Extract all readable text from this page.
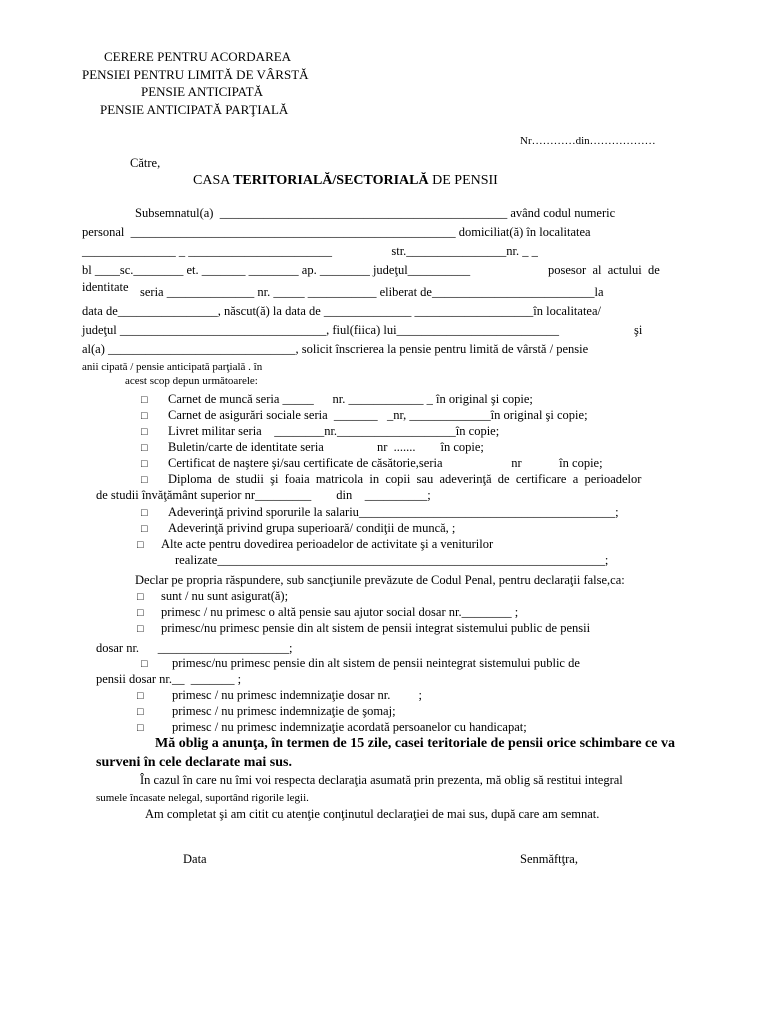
CERERE PENTRU ACORDAREA
PENSIEI PENTRU LIMITĂ DE VÂRSTĂ
PENSIE ANTICIPATĂ
PENSIE ANTICIPATĂ PARŢIALĂ
Nr…………din………………
Către,
CASA TERITORIALĂ/SECTORIALĂ DE PENSII
Subsemnatul(a)  ______________________________________________ având codul numeric
personal  ____________________________________________________ domiciliat(ă) în localitatea
_______________ _ _______________________                   str.________________nr. _ _
bl ____sc.________ et. _______ ________ ap. ________ judeţul__________	posesor  al  actului  de
identitate seria ______________ nr. _____ ___________ eliberat de__________________________la
data de________________, născut(ă) la data de ______________ ___________________în localitatea/
judeţul _________________________________, fiul(fiica) lui__________________________	şi
al(a) ______________________________, solicit înscrierea la pensie pentru limită de vârstă / pensie
anii cipată / pensie anticipată parţială . în
acest scop depun următoarele:
□ Carnet de muncă seria _____      nr. ____________ _ în original şi copie;
□ Carnet de asigurări sociale seria  _______   _nr, _____________în original şi copie;
□ Livret militar seria    ________nr.___________________în copie;
□ Buletin/carte de identitate seria                 nr  .......        în copie;
□ Certificat de naştere şi/sau certificate de căsătorie,seria                      nr            în copie;
□ Diploma  de  studii  şi  foaia  matricola  in  copii  sau  adeverinţă  de  certificare  a  perioadelor
de studii învăţământ superior nr_________        din    __________;
□ Adeverinţă privind sporurile la salariu_________________________________________;
□ Adeverinţă privind grupa superioară/ condiţii de muncă, ;
□ Alte acte pentru dovedirea perioadelor de activitate şi a veniturilor
realizate______________________________________________________________;
Declar pe propria răspundere, sub sancţiunile prevăzute de Codul Penal, pentru declaraţii false,ca:
□ sunt / nu sunt asigurat(ă);
□ primesc / nu primesc o altă pensie sau ajutor social dosar nr.________ ;
□ primesc/nu primesc pensie din alt sistem de pensii integrat sistemului public de pensii
dosar nr.      _____________________;
□ primesc/nu primesc pensie din alt sistem de pensii neintegrat sistemului public de
pensii dosar nr.__  _______ ;
□ primesc / nu primesc indemnizaţie dosar nr.         ;
□ primesc / nu primesc indemnizaţie de şomaj;
□ primesc / nu primesc indemnizaţie acordată persoanelor cu handicapat;
Mă oblig a anunţa, în termen de 15 zile, casei teritoriale de pensii orice schimbare ce va
surveni în cele declarate mai sus.
În cazul în care nu îmi voi respecta declaraţia asumată prin prezenta, mă oblig să restitui integral
sumele încasate nelegal, suportând rigorile legii.
Am completat şi am citit cu atenţie conţinutul declaraţiei de mai sus, după care am semnat.
Data	Senmăftţra,
